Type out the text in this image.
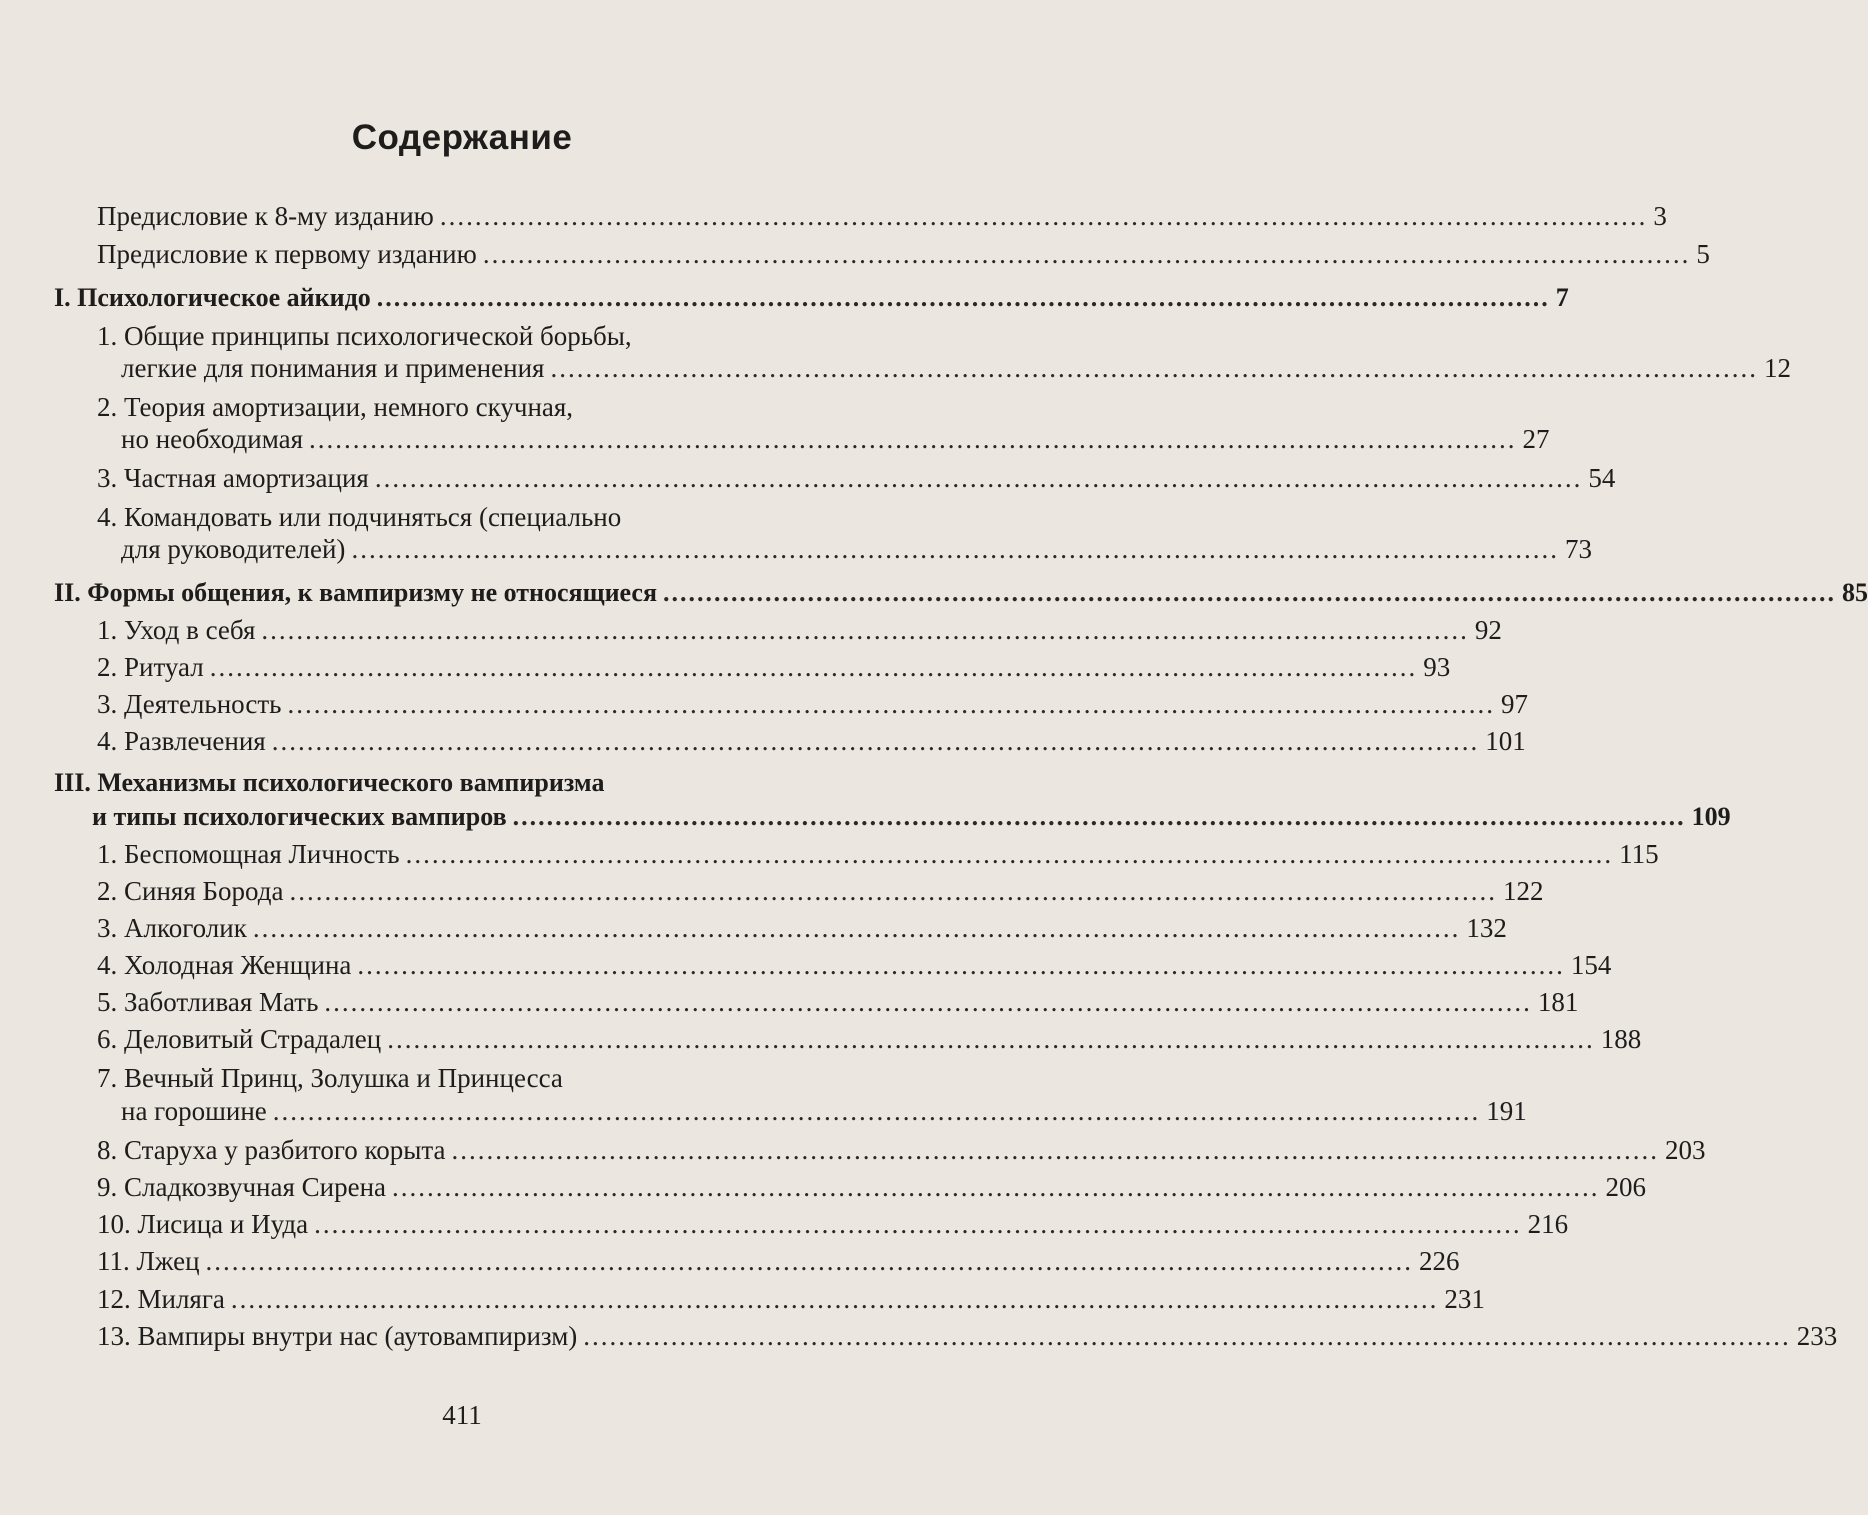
Содержание
Предисловие к 8-му изданию .......................................................................................................................................... 3
Предисловие к первому изданию .......................................................................................................................................... 5
I. Психологическое айкидо .......................................................................................................................................... 7
1. Общие принципы психологической борьбы,
легкие для понимания и применения .......................................................................................................................................... 12
2. Теория амортизации, немного скучная,
но необходимая .......................................................................................................................................... 27
3. Частная амортизация .......................................................................................................................................... 54
4. Командовать или подчиняться (специально
для руководителей) .......................................................................................................................................... 73
II. Формы общения, к вампиризму не относящиеся .......................................................................................................................................... 85
1. Уход в себя .......................................................................................................................................... 92
2. Ритуал .......................................................................................................................................... 93
3. Деятельность .......................................................................................................................................... 97
4. Развлечения .......................................................................................................................................... 101
III. Механизмы психологического вампиризма
и типы психологических вампиров .......................................................................................................................................... 109
1. Беспомощная Личность .......................................................................................................................................... 115
2. Синяя Борода .......................................................................................................................................... 122
3. Алкоголик .......................................................................................................................................... 132
4. Холодная Женщина .......................................................................................................................................... 154
5. Заботливая Мать .......................................................................................................................................... 181
6. Деловитый Страдалец .......................................................................................................................................... 188
7. Вечный Принц, Золушка и Принцесса
на горошине .......................................................................................................................................... 191
8. Старуха у разбитого корыта .......................................................................................................................................... 203
9. Сладкозвучная Сирена .......................................................................................................................................... 206
10. Лисица и Иуда .......................................................................................................................................... 216
11. Лжец .......................................................................................................................................... 226
12. Миляга .......................................................................................................................................... 231
13. Вампиры внутри нас (аутовампиризм) .......................................................................................................................................... 233
411
